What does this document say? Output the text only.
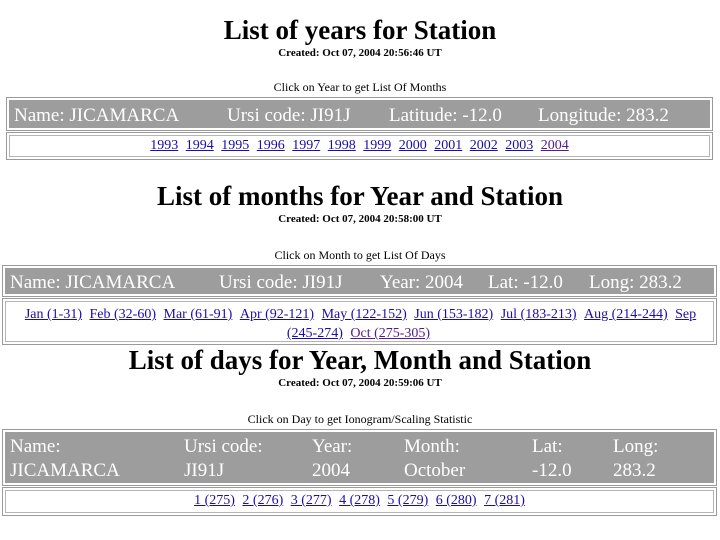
List of years for Station
Created: Oct 07, 2004 20:56:46 UT
Click on Year to get List Of Months
Name: JICAMARCA	Ursi code: JI91J Latitude: -12.0 Longitude: 283.2
1993 1994 1995 1996 1997 1998 1999 2000 2001 2002 2003 2004
List of months for Year and Station
Created: Oct 07, 2004 20:58:00 UT
Click on Month to get List Of Days
Name: JICAMARCA Ursi code: JI91J Year: 2004 Lat: -12.0 Long: 283.2
Jan (1-31) Feb (32-60) Mar (61-91) Apr (92-121) May (122-152) Jun (153-182) Jul (183-213) Aug (214-244) Sep (245-274) Oct (275-305)
List of days for Year, Month and Station
Created: Oct 07, 2004 20:59:06 UT
Click on Day to get Ionogram/Scaling Statistic
Name:
JICAMARCA
Ursi code:
JI91J
Year:
2004
Month:
October
Lat:
-12.0
Long:
283.2
1 (275) 2 (276) 3 (277) 4 (278) 5 (279) 6 (280) 7 (281)
